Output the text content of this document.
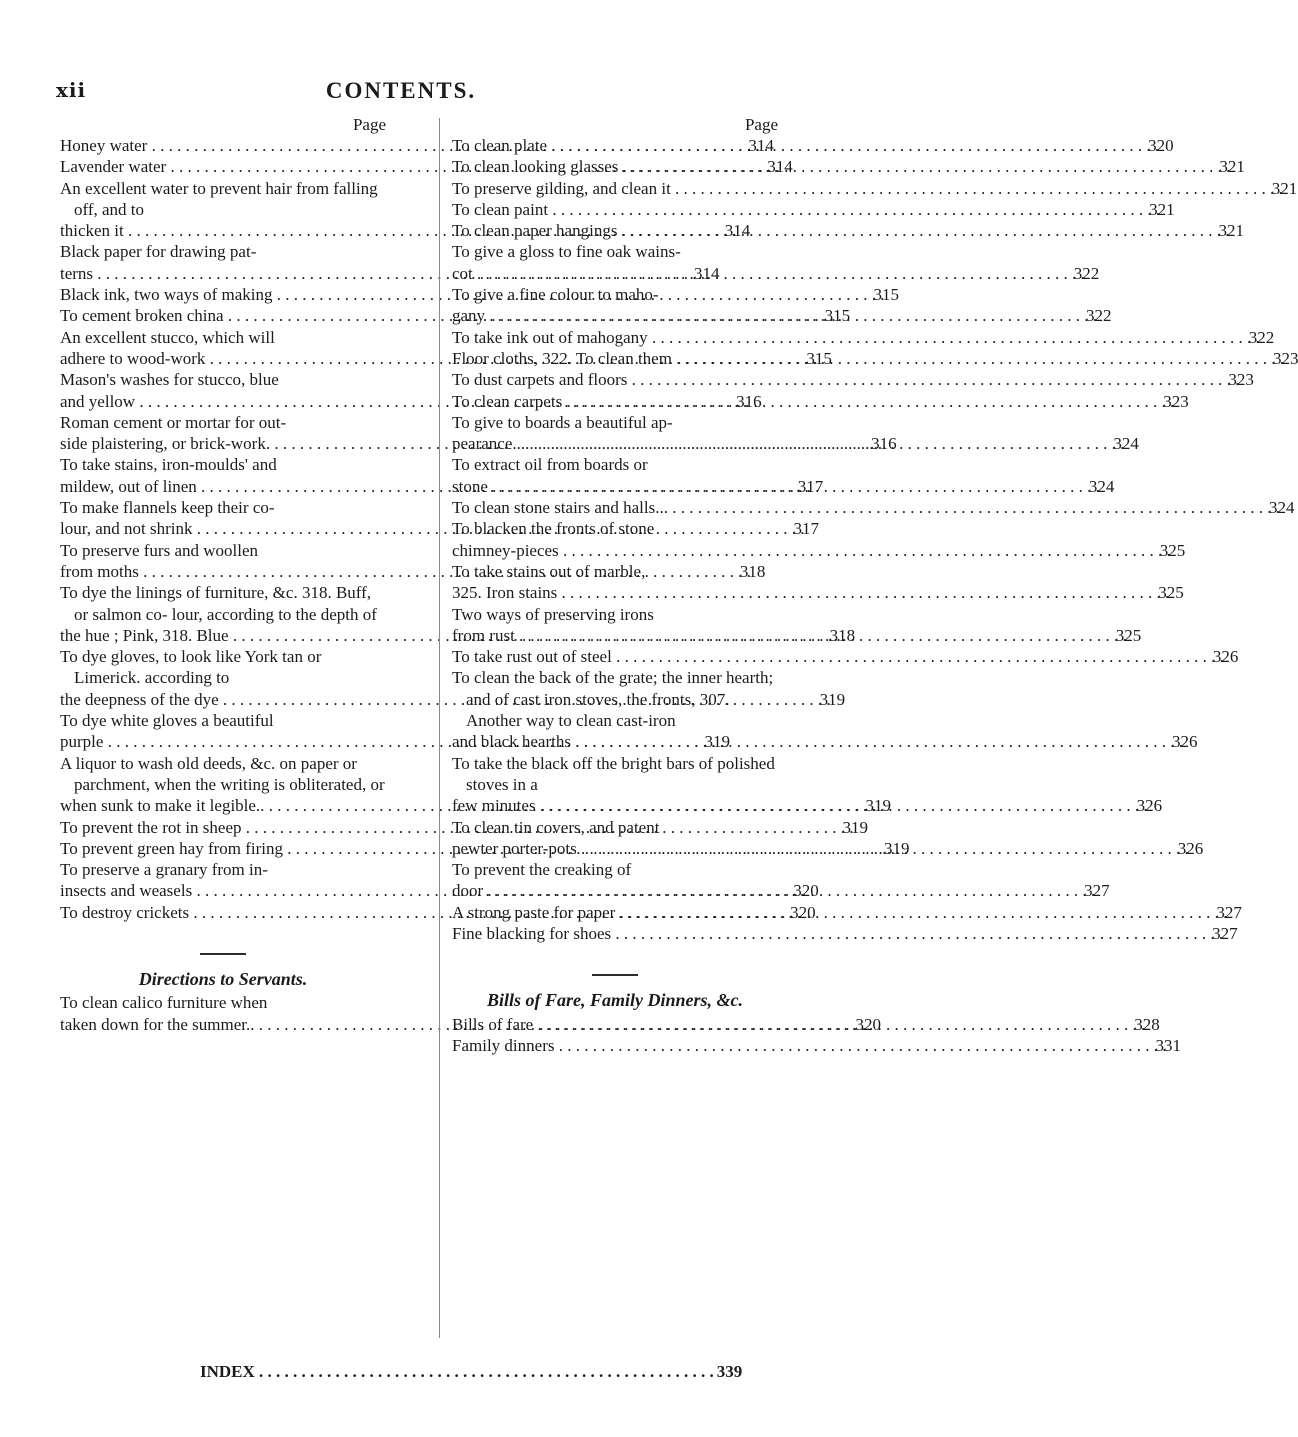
xii	CONTENTS.
Page
Honey water . . .	314
Lavender water . . .	314
An excellent water to prevent hair from falling off, and to
thicken it . . .	314
Black paper for drawing pat-
terns . . .	314
Black ink, two ways of making . . .	315
To cement broken china . . .	315
An excellent stucco, which will
adhere to wood-work . . .	315
Mason's washes for stucco, blue
and yellow . . .	316
Roman cement or mortar for out-
side plaistering, or brick-work. . . .	316
To take stains, iron-moulds' and
mildew, out of linen . . .	317
To make flannels keep their co-
lour, and not shrink . . .	317
To preserve furs and woollen
from moths . . .	318
To dye the linings of furniture, &c. 318. Buff, or salmon co- lour, according to the depth of
the hue ; Pink, 318. Blue . . .	318
To dye gloves, to look like York tan or Limerick. according to
the deepness of the dye . . .	319
To dye white gloves a beautiful
purple . . .	319
A liquor to wash old deeds, &c. on paper or parchment, when the writing is obliterated, or
when sunk to make it legible.. . . .	319
To prevent the rot in sheep . . .	319
To prevent green hay from firing . . .	319
To preserve a granary from in-
insects and weasels . . .	320
To destroy crickets . . .	320
Directions to Servants.
To clean calico furniture when
taken down for the summer.. . . .	320
Page
To clean plate . . .	320
To clean looking glasses . . .	321
To preserve gilding, and clean it . . .	321
To clean paint . . .	321
To clean paper hangings . . .	321
To give a gloss to fine oak wains-
cot . . .	322
To give a fine colour to maho-
gany . . .	322
To take ink out of mahogany . . .	322
Floor cloths, 322. To clean them . . .	323
To dust carpets and floors . . .	323
To clean carpets . . .	323
To give to boards a beautiful ap-
pearance . . .	324
To extract oil from boards or
stone . . .	324
To clean stone stairs and halls... . . .	324
To blacken the fronts of stone
chimney-pieces . . .	325
To take stains out of marble,
325. Iron stains . . .	325
Two ways of preserving irons
from rust . . .	325
To take rust out of steel . . .	326
To clean the back of the grate; the inner hearth; and of cast iron stoves, the fronts, 307. Another way to clean cast-iron
and black hearths . . .	326
To take the black off the bright bars of polished stoves in a
few minutes . . .	326
To clean tin covers, and patent
pewter porter-pots . . .	326
To prevent the creaking of
door . . .	327
A strong paste for paper . . .	327
Fine blacking for shoes . . .	327
Bills of Fare, Family Dinners, &c.
Bills of fare . . .	328
Family dinners . . .	331
INDEX . . .	339
